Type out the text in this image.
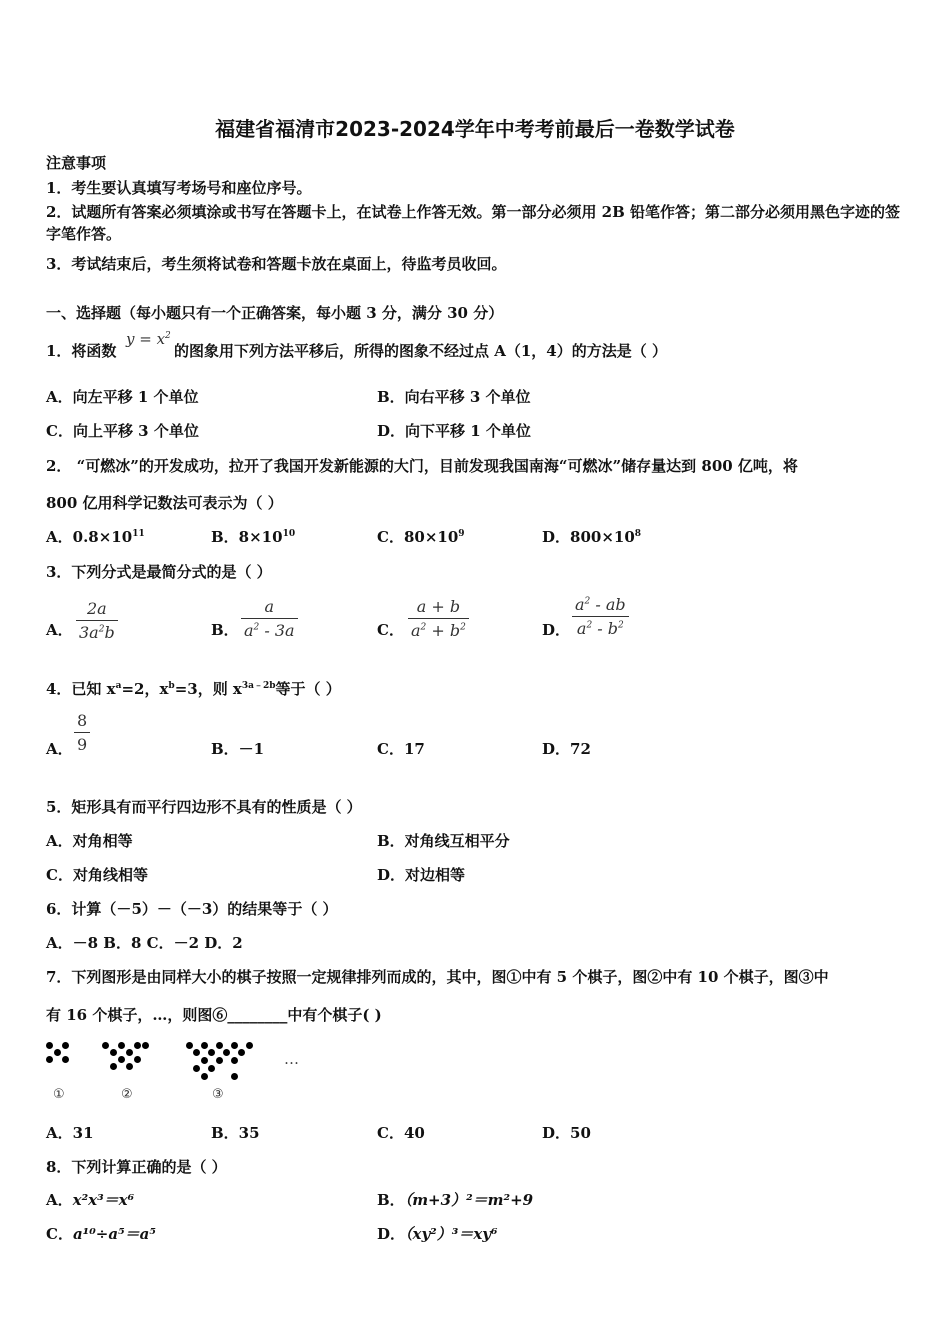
福建省福清市2023-2024学年中考考前最后一卷数学试卷
注意事项
1．考生要认真填写考场号和座位序号。
2．试题所有答案必须填涂或书写在答题卡上，在试卷上作答无效。第一部分必须用 2B 铅笔作答；第二部分必须用黑色字迹的签字笔作答。
3．考试结束后，考生须将试卷和答题卡放在桌面上，待监考员收回。
一、选择题（每小题只有一个正确答案，每小题 3 分，满分 30 分）
1．将函数
$y = x^2$
的图象用下列方法平移后，所得的图象不经过点 A（1，4）的方法是（ ）
A．向左平移 1 个单位	B．向右平移 3 个单位
C．向上平移 3 个单位	D．向下平移 1 个单位
2． “可燃冰”的开发成功，拉开了我国开发新能源的大门，目前发现我国南海“可燃冰”储存量达到 800 亿吨，将
800 亿用科学记数法可表示为（ ）
A．$0.8\times 10^{11}$	B．$8\times 10^{10}$	C．$80\times 10^9$	D．$800\times 10^8$
3．下列分式是最简分式的是（ ）
A．
2a
$3a^2b$	B．
a
$a^2 - 3a$	C．
a + b
$a^2 + b^2$	D．
$a^2$ - ab
$a^2 - b^2$
4．已知 $x^a=2$，$x^b=3$，则 $x^{3a﹣2b}$等于（ ）
A．
8
9	B．－1	C．17	D．72
5．矩形具有而平行四边形不具有的性质是（ ）
A．对角相等	B．对角线互相平分
C．对角线相等	D．对边相等
6．计算（－5）－（－3）的结果等于（ ）
A．－8 B．8 C．－2 D．2
7．下列图形是由同样大小的棋子按照一定规律排列而成的，其中，图①中有 5 个棋子，图②中有 10 个棋子，图③中
有 16 个棋子，…，则图⑥________中有个棋子( )
…
①	②	③
A．31	B．35	C．40	D．50
8．下列计算正确的是（ ）
A．x²x³＝x⁶	B．（m+3）²＝m²+9
C．a¹⁰÷a⁵＝a⁵	D．（xy²）³＝xy⁶
